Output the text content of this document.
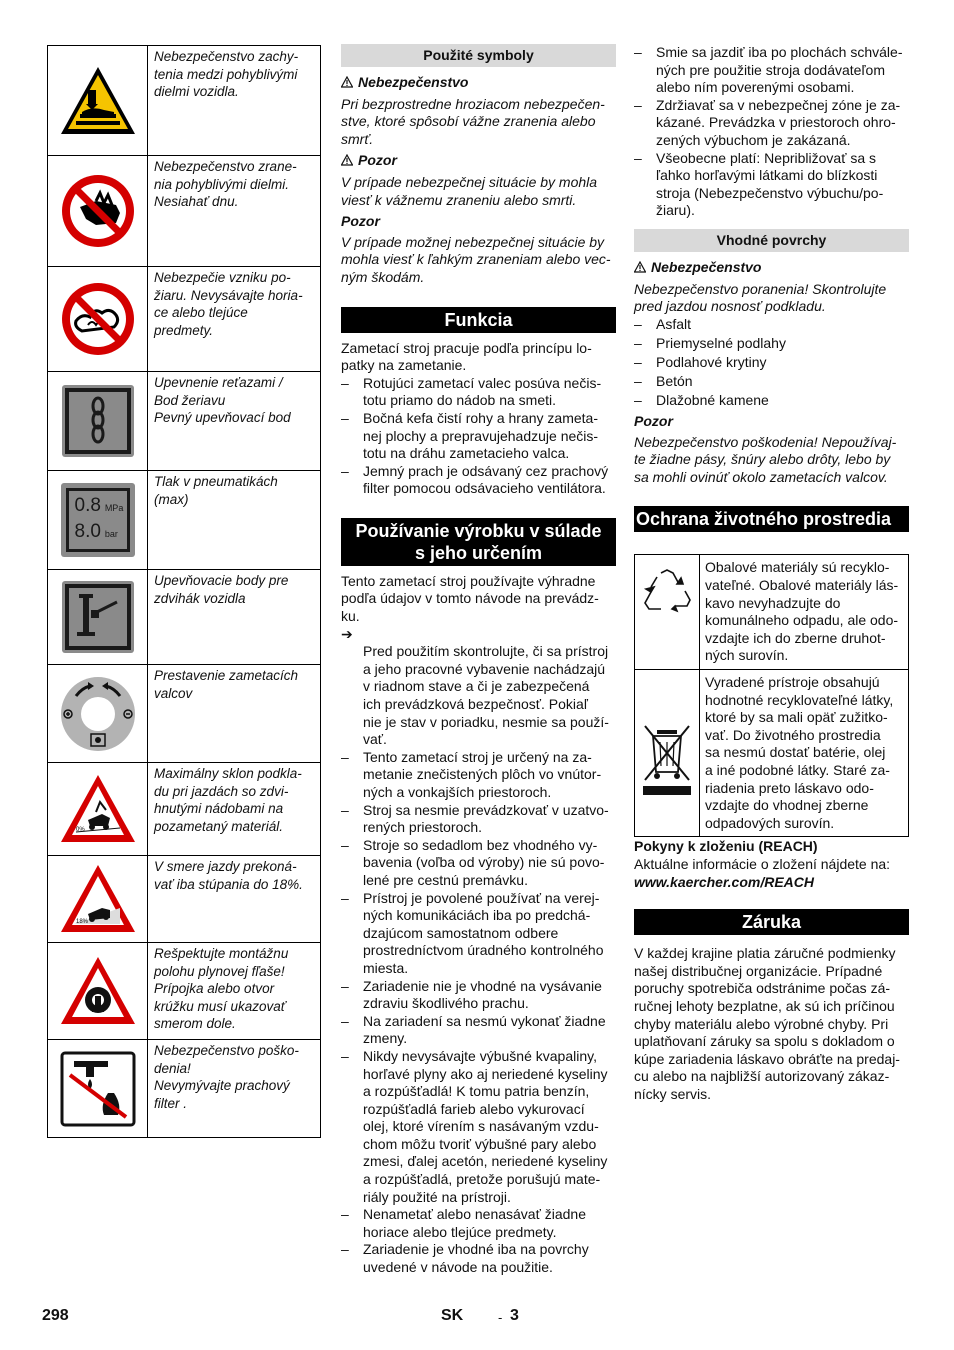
Nebezpečenstvo zachy-
tenia medzi pohyblivými
dielmi vozidla.
Nebezpečenstvo zrane-
nia pohyblivými dielmi.
Nesiahať dnu.
Nebezpečie vzniku po-
žiaru. Nevysávajte horia-
ce alebo tlejúce
predmety.
Upevnenie reťazami /
Bod žeriavu
Pevný upevňovací bod
0.8 MPa
8.0 bar
Tlak v pneumatikách
(max)
Upevňovacie body pre
zdvihák vozidla
Prestavenie zametacích
valcov
0%
Maximálny sklon podkla-
du pri jazdách so zdvi-
hnutými nádobami na
pozametaný materiál.
18%
V smere jazdy prekoná-
vať iba stúpania do 18%.
Rešpektujte montážnu
polohu plynovej fľaše!
Prípojka alebo otvor
krúžku musí ukazovať
smerom dole.
Nebezpečenstvo poško-
denia!
Nevymývajte prachový
filter .
Použité symboly
Nebezpečenstvo
Pri bezprostredne hroziacom nebezpečen-
stve, ktoré spôsobí vážne zranenia alebo
smrť.
Pozor
V prípade nebezpečnej situácie by mohla
viesť k vážnemu zraneniu alebo smrti.
Pozor
V prípade možnej nebezpečnej situácie by
mohla viesť k ľahkým zraneniam alebo vec-
ným škodám.
Funkcia
Zametací stroj pracuje podľa princípu lo-
patky na zametanie.
– Rotujúci zametací valec posúva nečis-
totu priamo do nádob na smeti.
– Bočná kefa čistí rohy a hrany zameta-
nej plochy a prepravujehadzuje nečis-
totu na dráhu zametacieho valca.
– Jemný prach je odsávaný cez prachový
filter pomocou odsávacieho ventilátora.
Používanie výrobku v súlade
s jeho určením
Tento zametací stroj používajte výhradne
podľa údajov v tomto návode na prevádz-
ku.

➔
Pred použitím skontrolujte, či sa prístroj
a jeho pracovné vybavenie nachádzajú
v riadnom stave a či je zabezpečená
ich prevádzková bezpečnosť. Pokiaľ
nie je stav v poriadku, nesmie sa použí-
vať.

– Tento zametací stroj je určený na za-
metanie znečistených plôch vo vnútor-
ných a vonkajších priestoroch.
– Stroj sa nesmie prevádzkovať v uzatvo-
rených priestoroch.
– Stroje so sedadlom bez vhodného vy-
bavenia (voľba od výroby) nie sú povo-
lené pre cestnú premávku.
– Prístroj je povolené používať na verej-
ných komunikáciách iba po predchá-
dzajúcom samostatnom odbere
prostredníctvom úradného kontrolného
miesta.
– Zariadenie nie je vhodné na vysávanie
zdraviu škodlivého prachu.
– Na zariadení sa nesmú vykonať žiadne
zmeny.
– Nikdy nevysávajte výbušné kvapaliny,
horľavé plyny ako aj neriedené kyseliny
a rozpúšťadlá! K tomu patria benzín,
rozpúšťadlá farieb alebo vykurovací
olej, ktoré vírením s nasávaným vzdu-
chom môžu tvoriť výbušné pary alebo
zmesi, ďalej acetón, neriedené kyseliny
a rozpúšťadlá, pretože porušujú mate-
riály použité na prístroji.
– Nenametať alebo nenasávať žiadne
horiace alebo tlejúce predmety.
– Zariadenie je vhodné iba na povrchy
uvedené v návode na použitie.
– Smie sa jazdiť iba po plochách schvále-
ných pre použitie stroja dodávateľom
alebo ním poverenými osobami.
– Zdržiavať sa v nebezpečnej zóne je za-
kázané. Prevádzka v priestoroch ohro-
zených výbuchom je zakázaná.
– Všeobecne platí: Nepribližovať sa s
ľahko horľavými látkami do blízkosti
stroja (Nebezpečenstvo výbuchu/po-
žiaru).
Vhodné povrchy
Nebezpečenstvo
Nebezpečenstvo poranenia! Skontrolujte
pred jazdou nosnosť podkladu.
– Asfalt
– Priemyselné podlahy
– Podlahové krytiny
– Betón
– Dlažobné kamene
Pozor
Nebezpečenstvo poškodenia! Nepoužívaj-
te žiadne pásy, šnúry alebo drôty, lebo by
sa mohli ovinúť okolo zametacích valcov.
Ochrana životného prostredia
Obalové materiály sú recyklo-
vateľné. Obalové materiály lás-
kavo nevyhadzujte do
komunálneho odpadu, ale odo-
vzdajte ich do zberne druhot-
ných surovín.
Vyradené prístroje obsahujú
hodnotné recyklovateľné látky,
ktoré by sa mali opäť zužitko-
vať. Do životného prostredia
sa nesmú dostať batérie, olej
a iné podobné látky. Staré za-
riadenia preto láskavo odo-
vzdajte do vhodnej zberne
odpadových surovín.
Pokyny k zloženiu (REACH)
Aktuálne informácie o zložení nájdete na:
www.kaercher.com/REACH
Záruka
V každej krajine platia záručné podmienky
našej distribučnej organizácie. Prípadné
poruchy spotrebiča odstránime počas zá-
ručnej lehoty bezplatne, ak sú ich príčinou
chyby materiálu alebo výrobné chyby. Pri
uplatňovaní záruky sa spolu s dokladom o
kúpe zariadenia láskavo obráťte na predaj-
cu alebo na najbližší autorizovaný zákaz-
nícky servis.
298	SK	- 3
